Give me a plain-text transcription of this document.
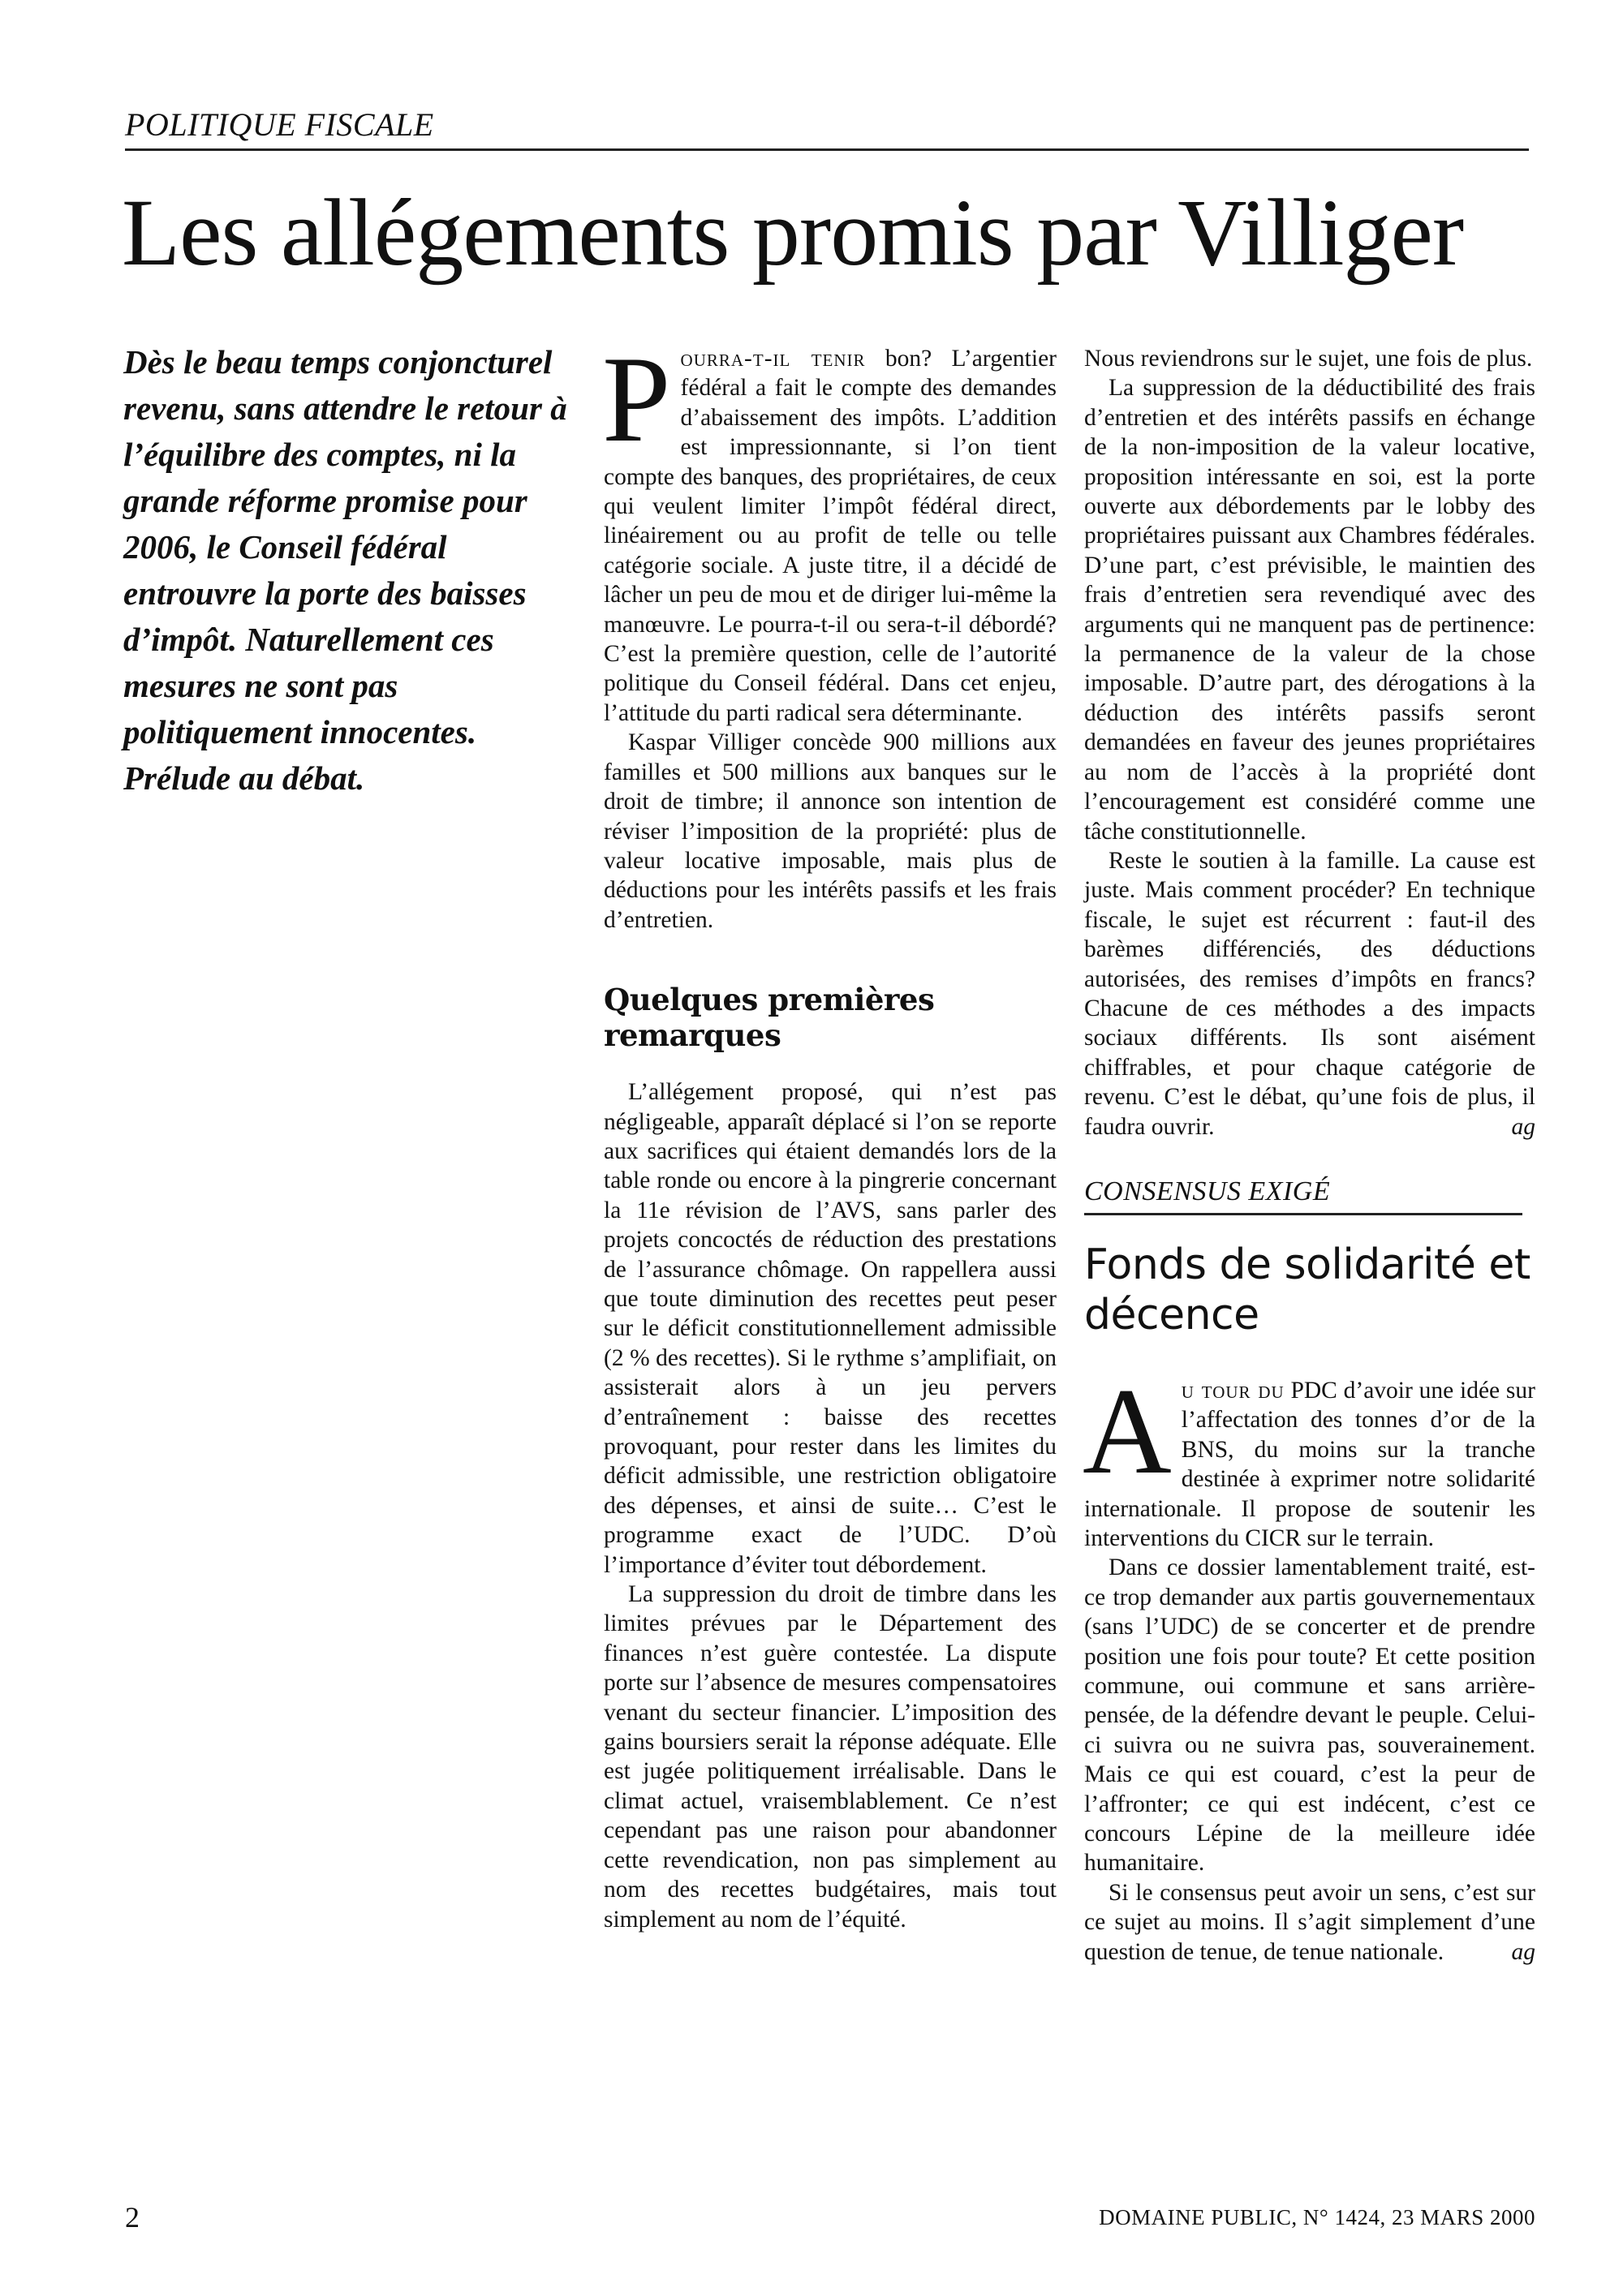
POLITIQUE FISCALE
Les allégements promis par Villiger

Dès le beau temps conjoncturel revenu, sans attendre le retour à l’équilibre des comptes, ni la grande réforme promise pour 2006, le Conseil fédéral entrouvre la porte des baisses d’impôt. Naturellement ces mesures ne sont pas politiquement innocentes.
Prélude au débat.

Pourra-t-il tenir bon? L’argentier fédéral a fait le compte des demandes d’abaissement des impôts. L’addition est impressionnante, si l’on tient compte des banques, des propriétaires, de ceux qui veulent limiter l’impôt fédéral direct, linéairement ou au profit de telle ou telle catégorie sociale. A juste titre, il a décidé de lâcher un peu de mou et de diriger lui-même la manœuvre. Le pourra-t-il ou sera-t-il débordé? C’est la première question, celle de l’autorité politique du Conseil fédéral. Dans cet enjeu, l’attitude du parti radical sera déterminante.

Kaspar Villiger concède 900 millions aux familles et 500 millions aux banques sur le droit de timbre; il annonce son intention de réviser l’imposition de la propriété: plus de valeur locative imposable, mais plus de déductions pour les intérêts passifs et les frais d’entretien.

Quelques premières remarques

L’allégement proposé, qui n’est pas négligeable, apparaît déplacé si l’on se reporte aux sacrifices qui étaient demandés lors de la table ronde ou encore à la pingrerie concernant la 11e révision de l’AVS, sans parler des projets concoctés de réduction des prestations de l’assurance chômage. On rappellera aussi que toute diminution des recettes peut peser sur le déficit constitutionnellement admissible (2 % des recettes). Si le rythme s’amplifiait, on assisterait alors à un jeu pervers d’entraînement : baisse des recettes provoquant, pour rester dans les limites du déficit admissible, une restriction obligatoire des dépenses, et ainsi de suite… C’est le programme exact de l’UDC. D’où l’importance d’éviter tout débordement.

La suppression du droit de timbre dans les limites prévues par le Département des finances n’est guère contestée. La dispute porte sur l’absence de mesures compensatoires venant du secteur financier. L’imposition des gains boursiers serait la réponse adéquate. Elle est jugée politiquement irréalisable. Dans le climat actuel, vraisemblablement. Ce n’est cependant pas une raison pour abandonner cette revendication, non pas simplement au nom des recettes budgétaires, mais tout simplement au nom de l’équité.

Nous reviendrons sur le sujet, une fois de plus.

La suppression de la déductibilité des frais d’entretien et des intérêts passifs en échange de la non-imposition de la valeur locative, proposition intéressante en soi, est la porte ouverte aux débordements par le lobby des propriétaires puissant aux Chambres fédérales. D’une part, c’est prévisible, le maintien des frais d’entretien sera revendiqué avec des arguments qui ne manquent pas de pertinence: la permanence de la valeur de la chose imposable. D’autre part, des dérogations à la déduction des intérêts passifs seront demandées en faveur des jeunes propriétaires au nom de l’accès à la propriété dont l’encouragement est considéré comme une tâche constitutionnelle.

Reste le soutien à la famille. La cause est juste. Mais comment procéder? En technique fiscale, le sujet est récurrent : faut-il des barèmes différenciés, des déductions autorisées, des remises d’impôts en francs? Chacune de ces méthodes a des impacts sociaux différents. Ils sont aisément chiffrables, et pour chaque catégorie de revenu. C’est le débat, qu’une fois de plus, il faudra ouvrir.	ag

CONSENSUS EXIGÉ
Fonds de solidarité et décence

Au tour du PDC d’avoir une idée sur l’affectation des tonnes d’or de la BNS, du moins sur la tranche destinée à exprimer notre solidarité internationale. Il propose de soutenir les interventions du CICR sur le terrain.

Dans ce dossier lamentablement traité, est-ce trop demander aux partis gouvernementaux (sans l’UDC) de se concerter et de prendre position une fois pour toute? Et cette position commune, oui commune et sans arrière-pensée, de la défendre devant le peuple. Celui-ci suivra ou ne suivra pas, souverainement. Mais ce qui est couard, c’est la peur de l’affronter; ce qui est indécent, c’est ce concours Lépine de la meilleure idée humanitaire.

Si le consensus peut avoir un sens, c’est sur ce sujet au moins. Il s’agit simplement d’une question de tenue, de tenue nationale.	ag

2	DOMAINE PUBLIC, N° 1424, 23 MARS 2000
